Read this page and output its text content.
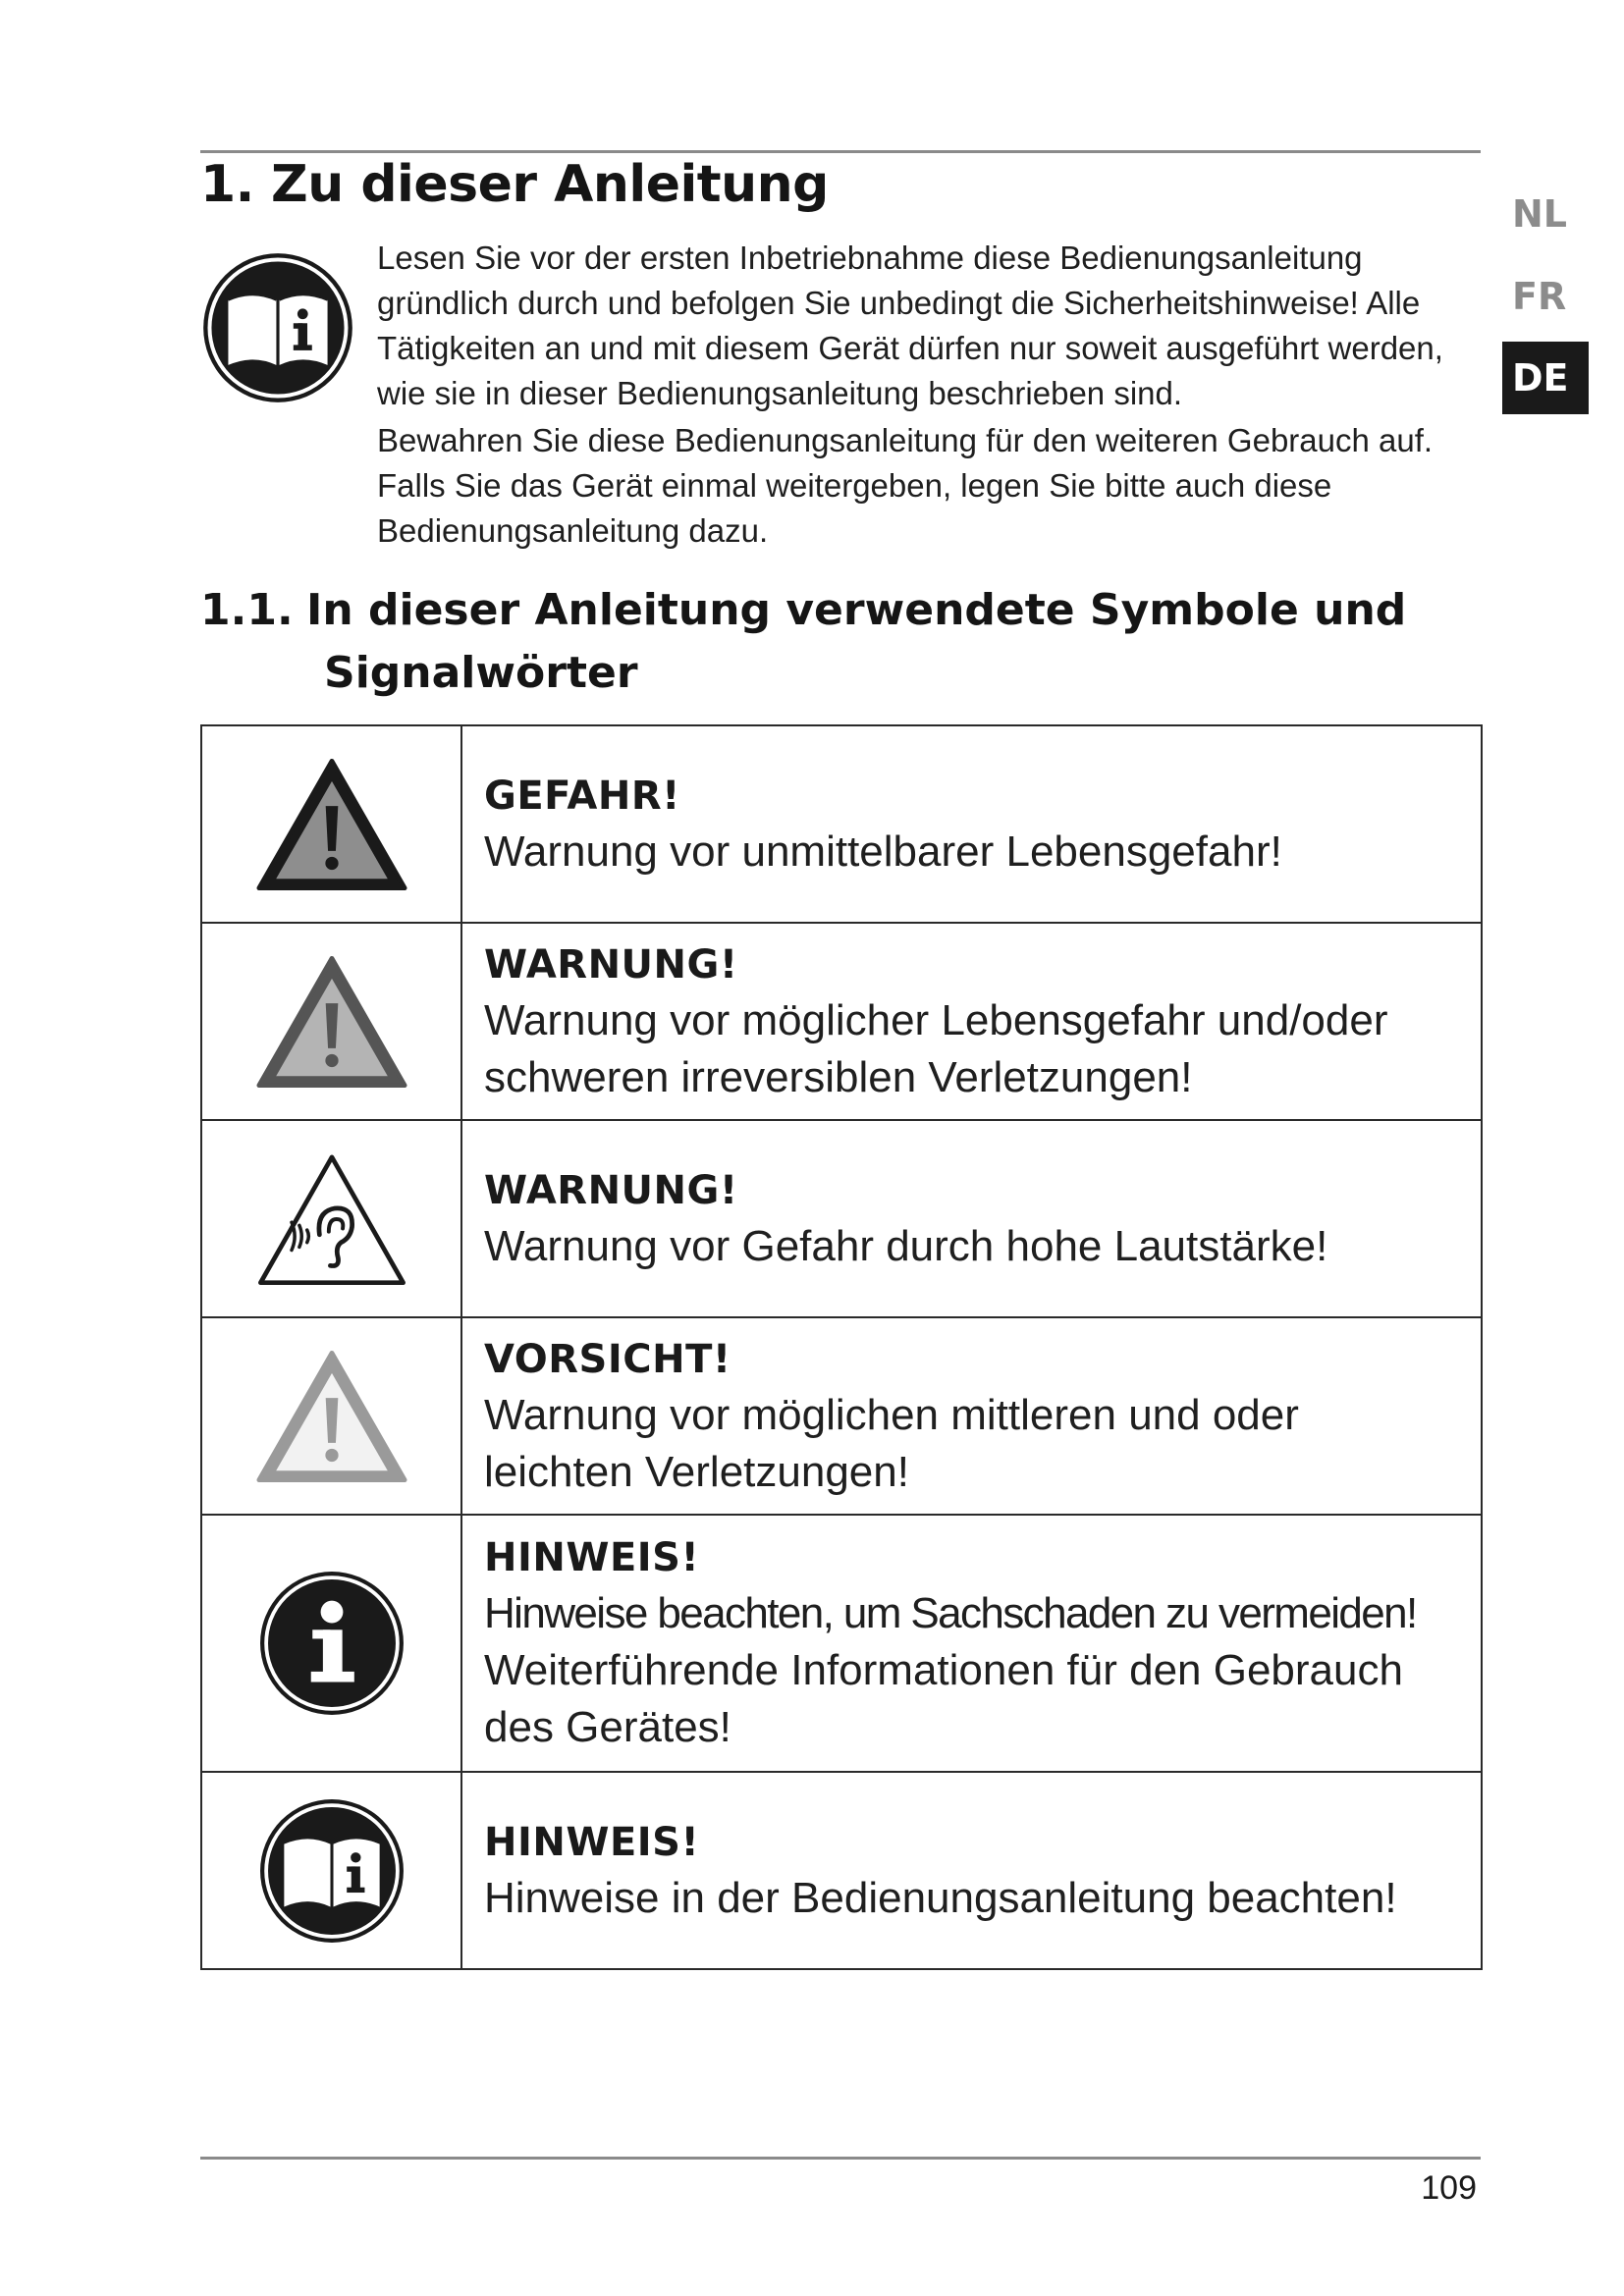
1. Zu dieser Anleitung

Lesen Sie vor der ersten Inbetriebnahme diese Bedienungsanleitung gründlich durch und befolgen Sie unbedingt die Sicherheitshinweise! Alle Tätigkeiten an und mit diesem Gerät dürfen nur soweit ausgeführt werden, wie sie in dieser Bedienungsanleitung beschrieben sind.

Bewahren Sie diese Bedienungsanleitung für den weiteren Gebrauch auf. Falls Sie das Gerät einmal weitergeben, legen Sie bitte auch diese Bedienungsanleitung dazu.

NL
FR
DE
1.1. In dieser Anleitung verwendete Symbole und
Signalwörter

GEFAHR!
Warnung vor unmittelbarer Lebensgefahr!

WARNUNG!
Warnung vor möglicher Lebensgefahr und/oder schweren irreversiblen Verletzungen!

WARNUNG!
Warnung vor Gefahr durch hohe Lautstärke!

VORSICHT!
Warnung vor möglichen mittleren und oder leichten Verletzungen!

HINWEIS!
Hinweise beachten, um Sachschaden zu vermeiden!
Weiterführende Informationen für den Gebrauch des Gerätes!

HINWEIS!
Hinweise in der Bedienungsanleitung beachten!
109
